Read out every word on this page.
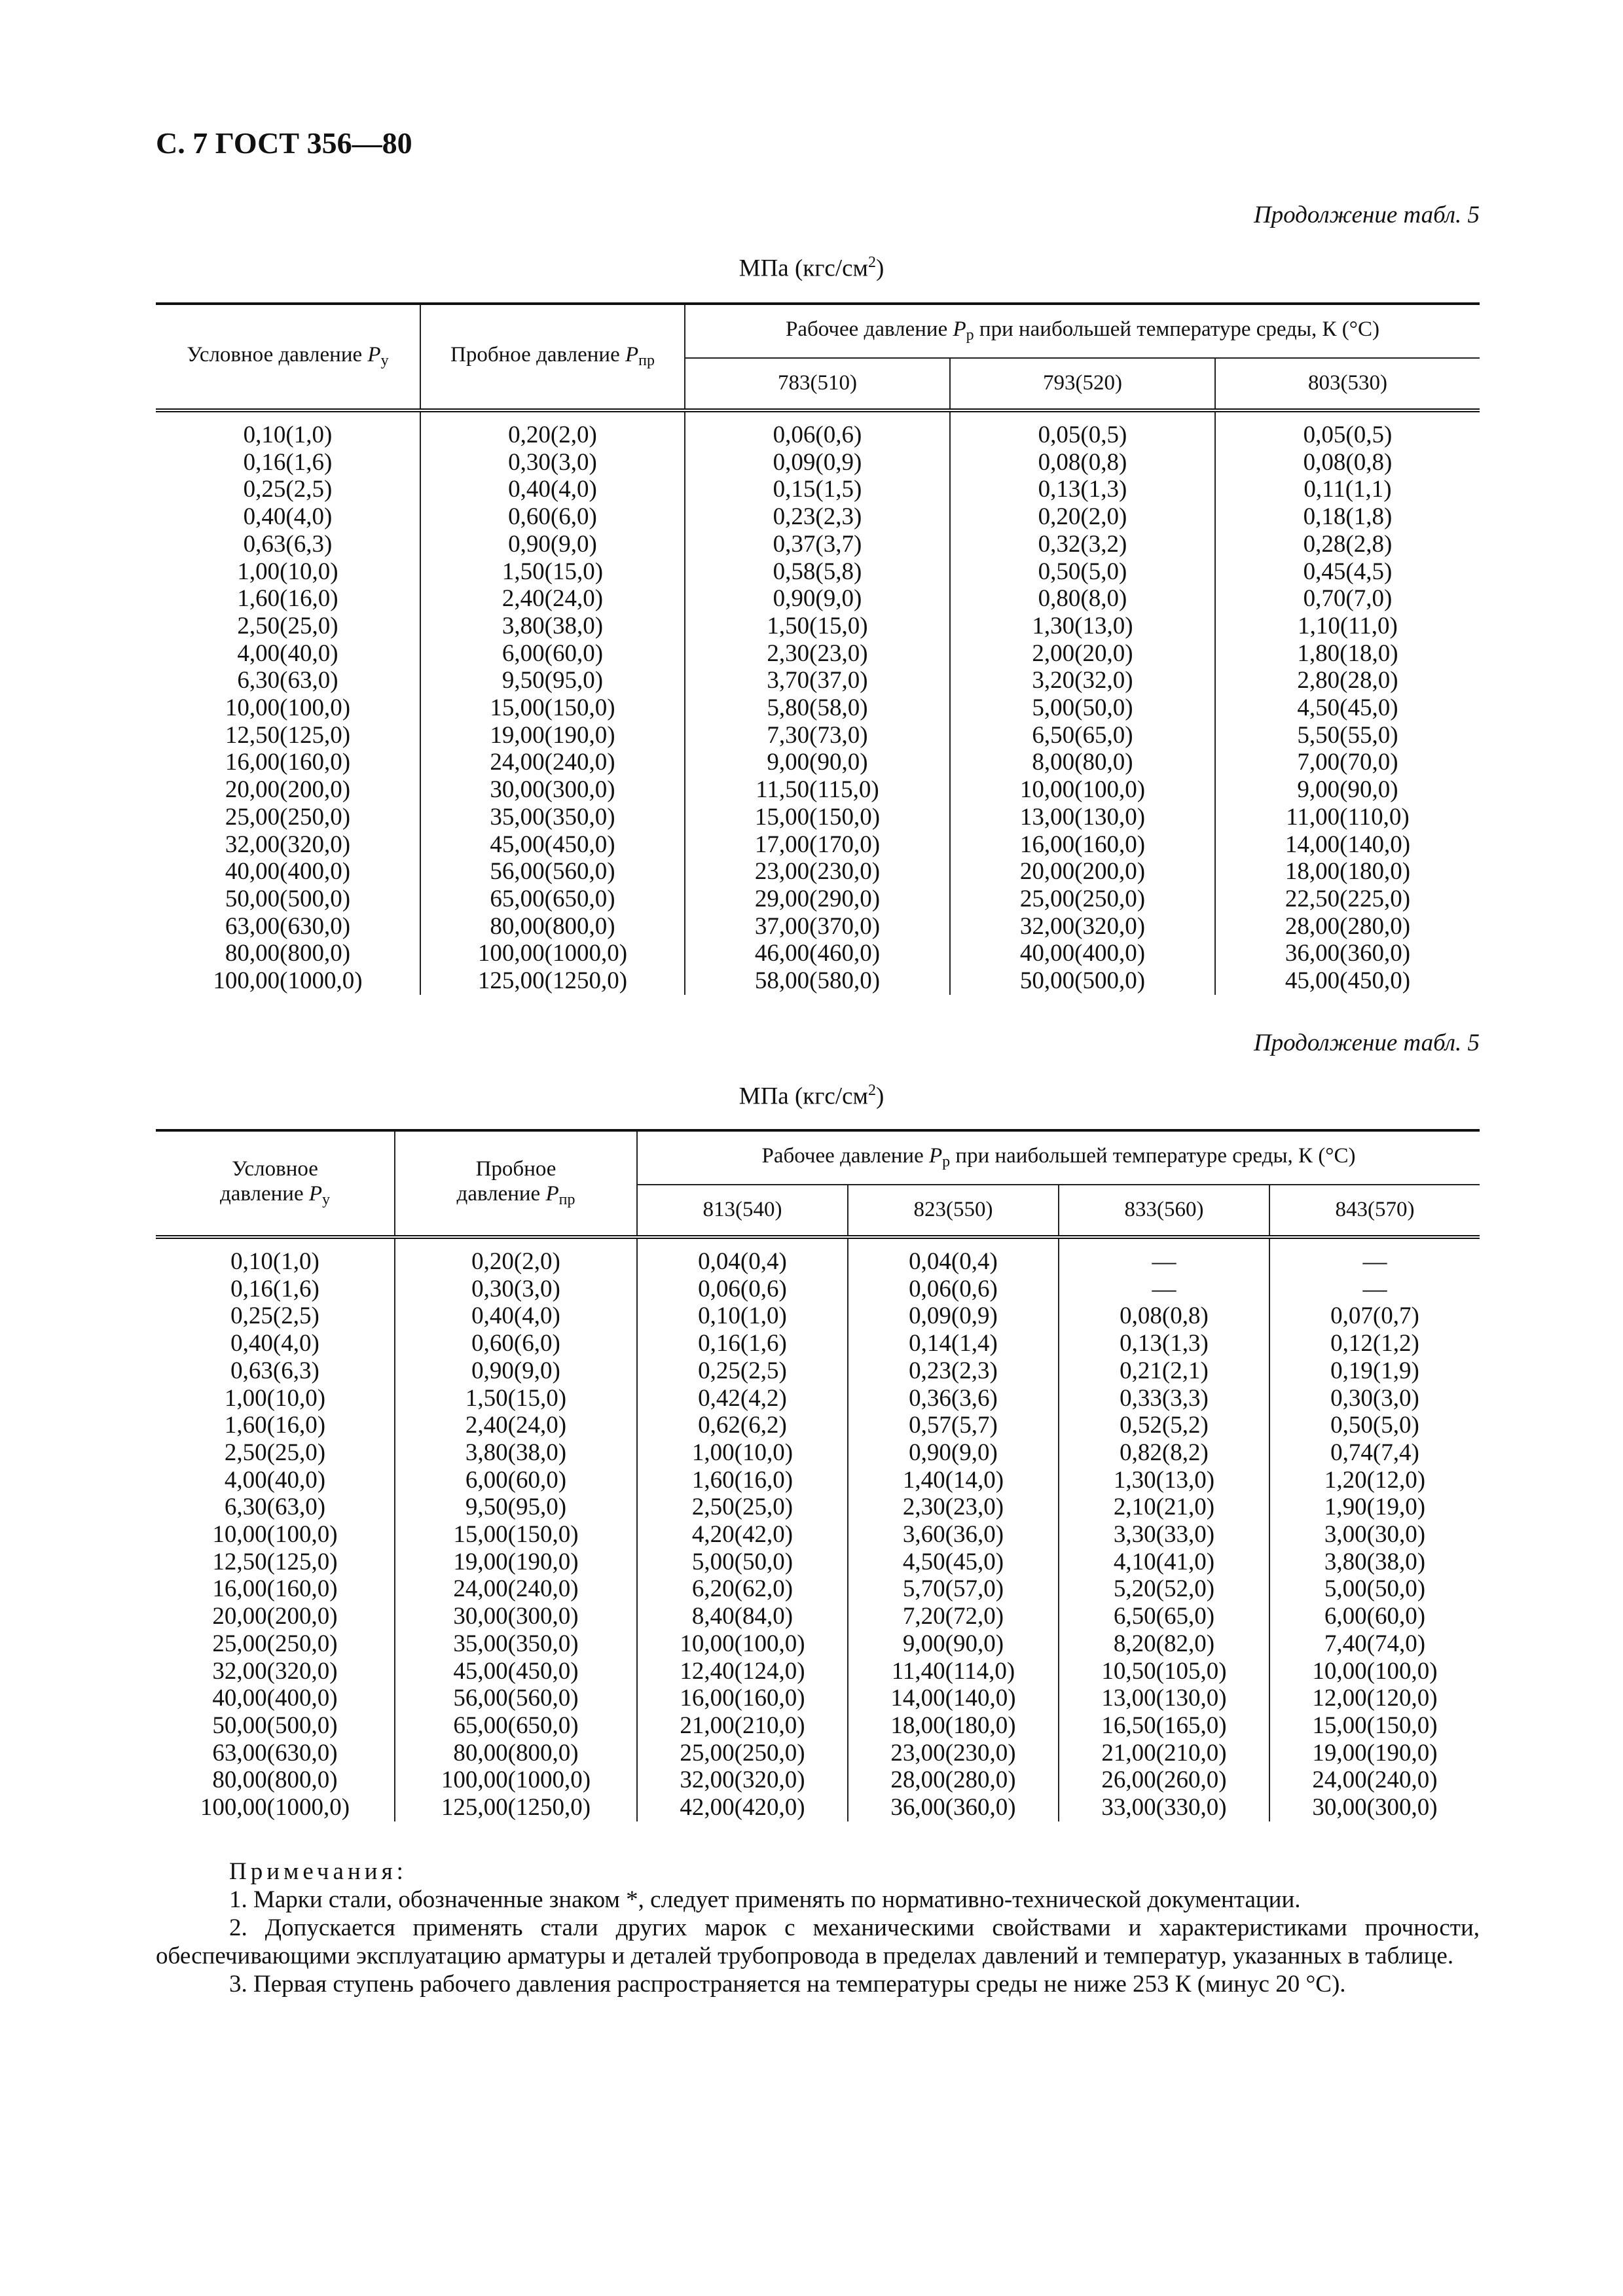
С. 7 ГОСТ 356—80
Продолжение табл. 5
МПа $(кгс/см^2)$
Условное давление $P_у$	Пробное давление $P_{пр}$	Рабочее давление $P_р$ при наибольшей температуре среды, К (°С)		
		783(510)	793(520)	803(530)
0,10(1,0)	0,20(2,0)	0,06(0,6)	0,05(0,5)	0,05(0,5)
0,16(1,6)	0,30(3,0)	0,09(0,9)	0,08(0,8)	0,08(0,8)
0,25(2,5)	0,40(4,0)	0,15(1,5)	0,13(1,3)	0,11(1,1)
0,40(4,0)	0,60(6,0)	0,23(2,3)	0,20(2,0)	0,18(1,8)
0,63(6,3)	0,90(9,0)	0,37(3,7)	0,32(3,2)	0,28(2,8)
1,00(10,0)	1,50(15,0)	0,58(5,8)	0,50(5,0)	0,45(4,5)
1,60(16,0)	2,40(24,0)	0,90(9,0)	0,80(8,0)	0,70(7,0)
2,50(25,0)	3,80(38,0)	1,50(15,0)	1,30(13,0)	1,10(11,0)
4,00(40,0)	6,00(60,0)	2,30(23,0)	2,00(20,0)	1,80(18,0)
6,30(63,0)	9,50(95,0)	3,70(37,0)	3,20(32,0)	2,80(28,0)
10,00(100,0)	15,00(150,0)	5,80(58,0)	5,00(50,0)	4,50(45,0)
12,50(125,0)	19,00(190,0)	7,30(73,0)	6,50(65,0)	5,50(55,0)
16,00(160,0)	24,00(240,0)	9,00(90,0)	8,00(80,0)	7,00(70,0)
20,00(200,0)	30,00(300,0)	11,50(115,0)	10,00(100,0)	9,00(90,0)
25,00(250,0)	35,00(350,0)	15,00(150,0)	13,00(130,0)	11,00(110,0)
32,00(320,0)	45,00(450,0)	17,00(170,0)	16,00(160,0)	14,00(140,0)
40,00(400,0)	56,00(560,0)	23,00(230,0)	20,00(200,0)	18,00(180,0)
50,00(500,0)	65,00(650,0)	29,00(290,0)	25,00(250,0)	22,50(225,0)
63,00(630,0)	80,00(800,0)	37,00(370,0)	32,00(320,0)	28,00(280,0)
80,00(800,0)	100,00(1000,0)	46,00(460,0)	40,00(400,0)	36,00(360,0)
100,00(1000,0)	125,00(1250,0)	58,00(580,0)	50,00(500,0)	45,00(450,0)
Продолжение табл. 5
МПа $(кгс/см^2)$
Условное
давление $P_у$	Пробное
давление $P_{пр}$	Рабочее давление $P_р$ при наибольшей температуре среды, К (°С)			
		813(540)	823(550)	833(560)	843(570)
0,10(1,0)	0,20(2,0)	0,04(0,4)	0,04(0,4)	—	—
0,16(1,6)	0,30(3,0)	0,06(0,6)	0,06(0,6)	—	—
0,25(2,5)	0,40(4,0)	0,10(1,0)	0,09(0,9)	0,08(0,8)	0,07(0,7)
0,40(4,0)	0,60(6,0)	0,16(1,6)	0,14(1,4)	0,13(1,3)	0,12(1,2)
0,63(6,3)	0,90(9,0)	0,25(2,5)	0,23(2,3)	0,21(2,1)	0,19(1,9)
1,00(10,0)	1,50(15,0)	0,42(4,2)	0,36(3,6)	0,33(3,3)	0,30(3,0)
1,60(16,0)	2,40(24,0)	0,62(6,2)	0,57(5,7)	0,52(5,2)	0,50(5,0)
2,50(25,0)	3,80(38,0)	1,00(10,0)	0,90(9,0)	0,82(8,2)	0,74(7,4)
4,00(40,0)	6,00(60,0)	1,60(16,0)	1,40(14,0)	1,30(13,0)	1,20(12,0)
6,30(63,0)	9,50(95,0)	2,50(25,0)	2,30(23,0)	2,10(21,0)	1,90(19,0)
10,00(100,0)	15,00(150,0)	4,20(42,0)	3,60(36,0)	3,30(33,0)	3,00(30,0)
12,50(125,0)	19,00(190,0)	5,00(50,0)	4,50(45,0)	4,10(41,0)	3,80(38,0)
16,00(160,0)	24,00(240,0)	6,20(62,0)	5,70(57,0)	5,20(52,0)	5,00(50,0)
20,00(200,0)	30,00(300,0)	8,40(84,0)	7,20(72,0)	6,50(65,0)	6,00(60,0)
25,00(250,0)	35,00(350,0)	10,00(100,0)	9,00(90,0)	8,20(82,0)	7,40(74,0)
32,00(320,0)	45,00(450,0)	12,40(124,0)	11,40(114,0)	10,50(105,0)	10,00(100,0)
40,00(400,0)	56,00(560,0)	16,00(160,0)	14,00(140,0)	13,00(130,0)	12,00(120,0)
50,00(500,0)	65,00(650,0)	21,00(210,0)	18,00(180,0)	16,50(165,0)	15,00(150,0)
63,00(630,0)	80,00(800,0)	25,00(250,0)	23,00(230,0)	21,00(210,0)	19,00(190,0)
80,00(800,0)	100,00(1000,0)	32,00(320,0)	28,00(280,0)	26,00(260,0)	24,00(240,0)
100,00(1000,0)	125,00(1250,0)	42,00(420,0)	36,00(360,0)	33,00(330,0)	30,00(300,0)

Примечания:

1. Марки стали, обозначенные знаком *, следует применять по нормативно-технической документации.

2. Допускается применять стали других марок с механическими свойствами и характеристиками прочности, обеспечивающими эксплуатацию арматуры и деталей трубопровода в пределах давлений и температур, указанных в таблице.

3. Первая ступень рабочего давления распространяется на температуры среды не ниже 253 К (минус 20 °С).
